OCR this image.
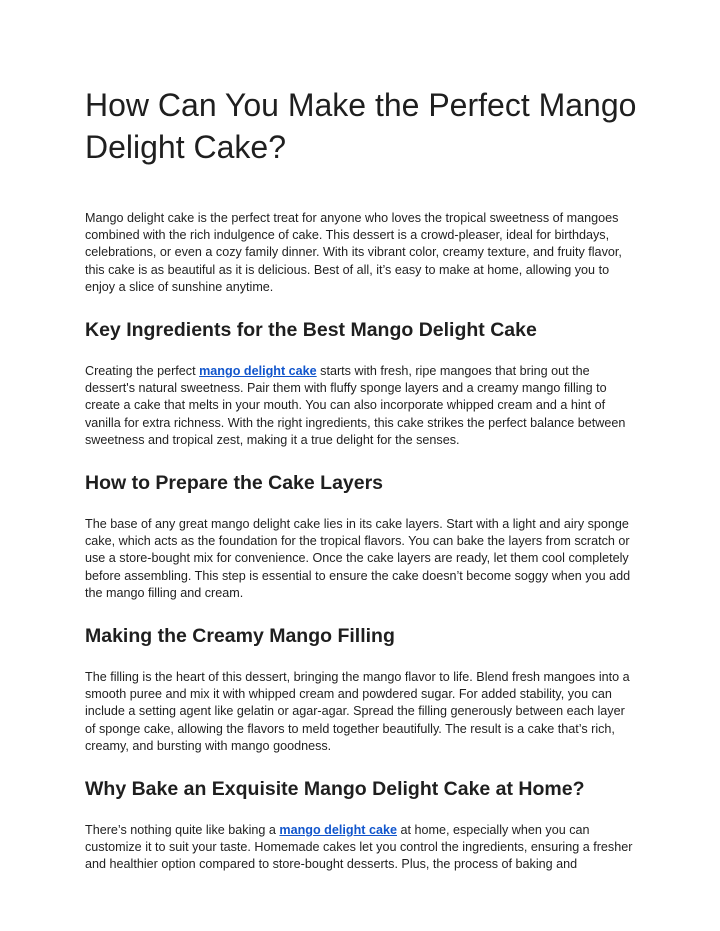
How Can You Make the Perfect Mango Delight Cake?

Mango delight cake is the perfect treat for anyone who loves the tropical sweetness of mangoes combined with the rich indulgence of cake. This dessert is a crowd-pleaser, ideal for birthdays, celebrations, or even a cozy family dinner. With its vibrant color, creamy texture, and fruity flavor, this cake is as beautiful as it is delicious. Best of all, it’s easy to make at home, allowing you to enjoy a slice of sunshine anytime.

Key Ingredients for the Best Mango Delight Cake

Creating the perfect mango delight cake starts with fresh, ripe mangoes that bring out the dessert's natural sweetness. Pair them with fluffy sponge layers and a creamy mango filling to create a cake that melts in your mouth. You can also incorporate whipped cream and a hint of vanilla for extra richness. With the right ingredients, this cake strikes the perfect balance between sweetness and tropical zest, making it a true delight for the senses.

How to Prepare the Cake Layers

The base of any great mango delight cake lies in its cake layers. Start with a light and airy sponge cake, which acts as the foundation for the tropical flavors. You can bake the layers from scratch or use a store-bought mix for convenience. Once the cake layers are ready, let them cool completely before assembling. This step is essential to ensure the cake doesn’t become soggy when you add the mango filling and cream.

Making the Creamy Mango Filling

The filling is the heart of this dessert, bringing the mango flavor to life. Blend fresh mangoes into a smooth puree and mix it with whipped cream and powdered sugar. For added stability, you can include a setting agent like gelatin or agar-agar. Spread the filling generously between each layer of sponge cake, allowing the flavors to meld together beautifully. The result is a cake that’s rich, creamy, and bursting with mango goodness.

Why Bake an Exquisite Mango Delight Cake at Home?

There’s nothing quite like baking a mango delight cake at home, especially when you can customize it to suit your taste. Homemade cakes let you control the ingredients, ensuring a fresher and healthier option compared to store-bought desserts. Plus, the process of baking and
